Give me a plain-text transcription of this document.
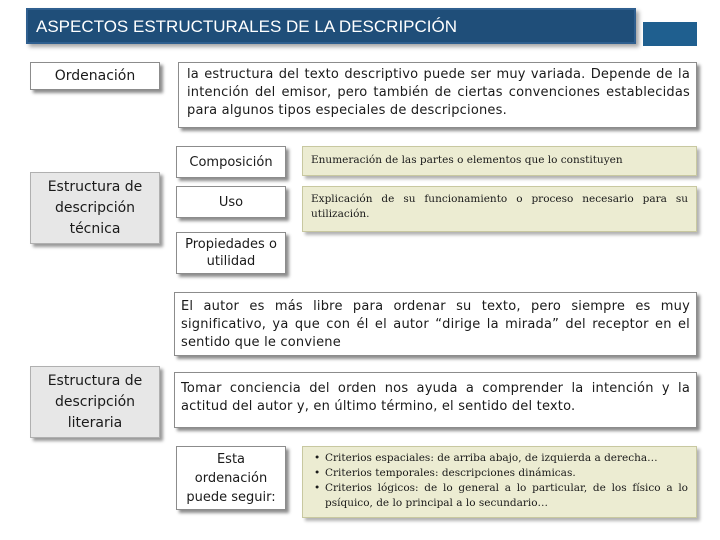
ASPECTOS ESTRUCTURALES DE LA DESCRIPCIÓN
Ordenación	la estructura del texto descriptivo puede ser muy variada. Depende de la intención del emisor, pero también de ciertas convenciones establecidas para algunos tipos especiales de descripciones.
Estructura de descripción técnica
Composición	Enumeración de las partes o elementos que lo constituyen
Uso	Explicación de su funcionamiento o proceso necesario para su utilización.
Propiedades o utilidad
Estructura de descripción literaria
El autor es más libre para ordenar su texto, pero siempre es muy significativo, ya que con él el autor “dirige la mirada” del receptor en el sentido que le conviene
Tomar conciencia del orden nos ayuda a comprender la intención y la actitud del autor y, en último término, el sentido del texto.
Esta ordenación puede seguir:
• Criterios espaciales: de arriba abajo, de izquierda a derecha…
• Criterios temporales: descripciones dinámicas.
• Criterios lógicos: de lo general a lo particular, de los físico a lo psíquico, de lo principal a lo secundario…
